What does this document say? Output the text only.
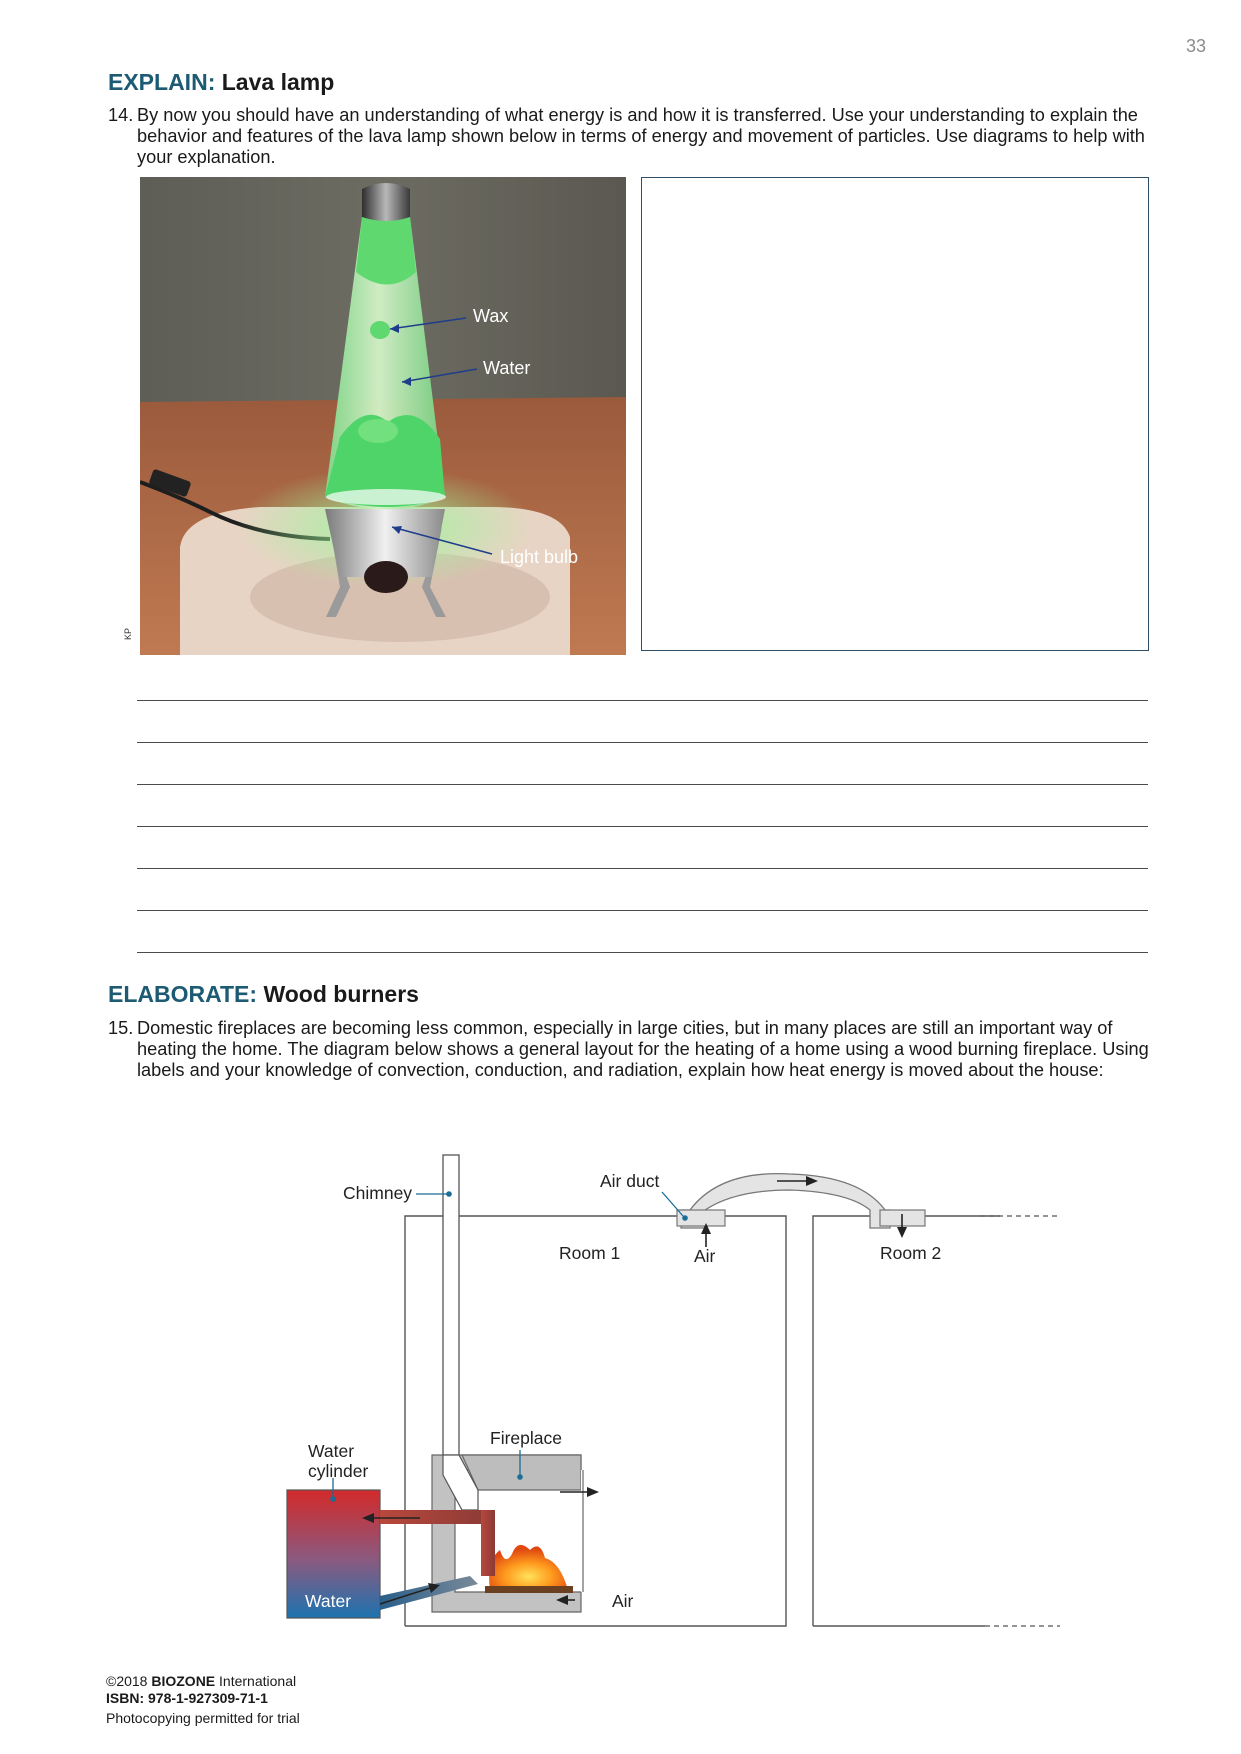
33
EXPLAIN: Lava lamp
14. By now you should have an understanding of what energy is and how it is transferred. Use your understanding to explain the behavior and features of the lava lamp shown below in terms of energy and movement of particles. Use diagrams to help with your explanation.
Wax
Water
Light bulb
KP
ELABORATE: Wood burners
15. Domestic fireplaces are becoming less common, especially in large cities, but in many places are still an important way of heating the home. The diagram below shows a general layout for the heating of a home using a wood burning fireplace. Using labels and your knowledge of convection, conduction, and radiation, explain how heat energy is moved about the house:
Chimney
Air duct
Air
Room 1	Room 2
Fireplace
Water
cylinder
Water	Air
©2018 BIOZONE International
ISBN: 978-1-927309-71-1
Photocopying permitted for trial
